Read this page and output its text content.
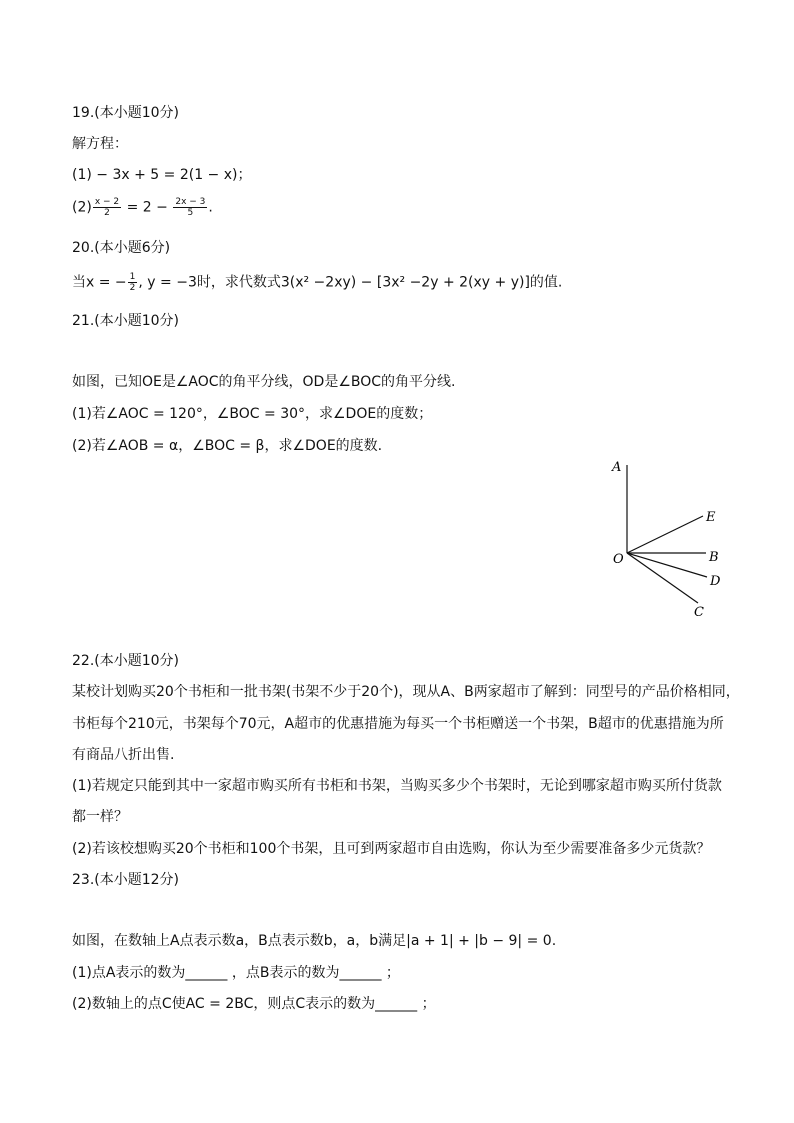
19.(本小题10分)
解方程：
(1) − 3x + 5 = 2(1 − x)；
$(2) \frac{x - 2}{2} = 2 - \frac{2x - 3}{5}$ .
20.(本小题6分)
当x = − $\frac{1}{2}$ , y = −3时，求代数式3(x² −2xy) − [3x² −2y + 2(xy + y)]的值.
21.(本小题10分)
如图，已知OE是∠AOC的角平分线，OD是∠BOC的角平分线.
(1)若∠AOC = 120°，∠BOC = 30°，求∠DOE的度数；
(2)若∠AOB = α，∠BOC = β，求∠DOE的度数.
A
E
O	B
D
C
22.(本小题10分)
某校计划购买20个书柜和一批书架(书架不少于20个)，现从A、B两家超市了解到：同型号的产品价格相同，
书柜每个210元，书架每个70元，A超市的优惠措施为每买一个书柜赠送一个书架，B超市的优惠措施为所
有商品八折出售.
(1)若规定只能到其中一家超市购买所有书柜和书架，当购买多少个书架时，无论到哪家超市购买所付货款
都一样？
(2)若该校想购买20个书柜和100个书架，且可到两家超市自由选购，你认为至少需要准备多少元货款？
23.(本小题12分)
如图，在数轴上A点表示数a，B点表示数b，a，b满足|a + 1| + |b − 9| = 0.
(1)点A表示的数为______ ，点B表示的数为______ ；
(2)数轴上的点C使AC = 2BC，则点C表示的数为______ ；
